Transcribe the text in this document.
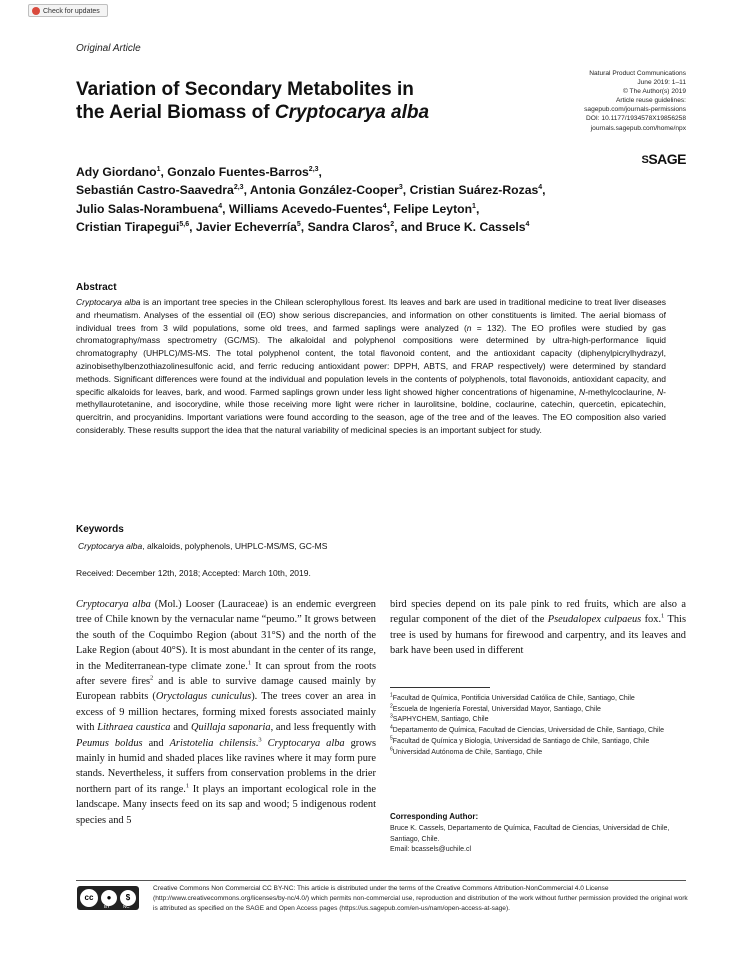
Check for updates
Original Article
Variation of Secondary Metabolites in
the Aerial Biomass of Cryptocarya alba
Natural Product Communications
June 2019: 1–11
© The Author(s) 2019
Article reuse guidelines:
sagepub.com/journals-permissions
DOI: 10.1177/1934578X19856258
journals.sagepub.com/home/npx
SSAGE
Ady Giordano$^1$, Gonzalo Fuentes-Barros$^{2,3}$,
Sebastián Castro-Saavedra$^{2,3}$, Antonia González-Cooper$^3$, Cristian Suárez-Rozas$^4$,
Julio Salas-Norambuena$^4$, Williams Acevedo-Fuentes$^4$, Felipe Leyton$^1$,
Cristian Tirapegui$^{5,6}$, Javier Echeverría$^5$, Sandra Claros$^2$, and Bruce K. Cassels$^4$
Abstract
Cryptocarya alba is an important tree species in the Chilean sclerophyllous forest. Its leaves and bark are used in traditional medicine to treat liver diseases and rheumatism. Analyses of the essential oil (EO) show serious discrepancies, and information on other constituents is limited. The aerial biomass of individual trees from 3 wild populations, some old trees, and farmed saplings were analyzed (n = 132). The EO profiles were studied by gas chromatography/mass spectrometry (GC/MS). The alkaloidal and polyphenol compositions were determined by ultra-high-performance liquid chromatography (UHPLC)/MS-MS. The total polyphenol content, the total flavonoid content, and the antioxidant capacity (diphenylpicrylhydrazyl, azinobisethylbenzothiazolinesulfonic acid, and ferric reducing antioxidant power: DPPH, ABTS, and FRAP respectively) were determined by standard methods. Significant differences were found at the individual and population levels in the contents of polyphenols, total flavonoids, antioxidant capacity, and specific alkaloids for leaves, bark, and wood. Farmed saplings grown under less light showed higher concentrations of higenamine, N-methylcoclaurine, N-methyllaurotetanine, and isocorydine, while those receiving more light were richer in laurolitsine, boldine, coclaurine, catechin, quercetin, epicatechin, quercitrin, and procyanidins. Important variations were found according to the season, age of the tree and of the leaves. The EO composition also varied considerably. These results support the idea that the natural variability of medicinal species is an important subject for study.
Keywords
Cryptocarya alba, alkaloids, polyphenols, UHPLC-MS/MS, GC-MS
Received: December 12th, 2018; Accepted: March 10th, 2019.
Cryptocarya alba (Mol.) Looser (Lauraceae) is an endemic evergreen tree of Chile known by the vernacular name “peumo.” It grows between the south of the Coquimbo Region (about 31°S) and the north of the Lake Region (about 40°S). It is most abundant in the center of its range, in the Mediterranean-type climate zone.$^1$ It can sprout from the roots after severe fires$^2$ and is able to survive damage caused mainly by European rabbits (Oryctolagus cuniculus). The trees cover an area in excess of 9 million hectares, forming mixed forests associated mainly with Lithraea caustica and Quillaja saponaria, and less frequently with Peumus boldus and Aristotelia chilensis.$^3$ Cryptocarya alba grows mainly in humid and shaded places like ravines where it may form pure stands. Nevertheless, it suffers from conservation problems in the drier northern part of its range.$^1$ It plays an important ecological role in the landscape. Many insects feed on its sap and wood; 5 indigenous rodent species and 5
bird species depend on its pale pink to red fruits, which are also a regular component of the diet of the Pseudalopex culpaeus fox.$^1$ This tree is used by humans for firewood and carpentry, and its leaves and bark have been used in different
$^1$Facultad de Química, Pontificia Universidad Católica de Chile, Santiago, Chile
$^2$Escuela de Ingeniería Forestal, Universidad Mayor, Santiago, Chile
$^3$SAPHYCHEM, Santiago, Chile
$^4$Departamento de Química, Facultad de Ciencias, Universidad de Chile, Santiago, Chile
$^5$Facultad de Química y Biología, Universidad de Santiago de Chile, Santiago, Chile
$^6$Universidad Autónoma de Chile, Santiago, Chile
Corresponding Author:
Bruce K. Cassels, Departamento de Química, Facultad de Ciencias, Universidad de Chile, Santiago, Chile.
Email: bcassels@uchile.cl
cc	●	$
BY	NC
Creative Commons Non Commercial CC BY-NC: This article is distributed under the terms of the Creative Commons Attribution-NonCommercial 4.0 License (http://www.creativecommons.org/licenses/by-nc/4.0/) which permits non-commercial use, reproduction and distribution of the work without further permission provided the original work is attributed as specified on the SAGE and Open Access pages (https://us.sagepub.com/en-us/nam/open-access-at-sage).
